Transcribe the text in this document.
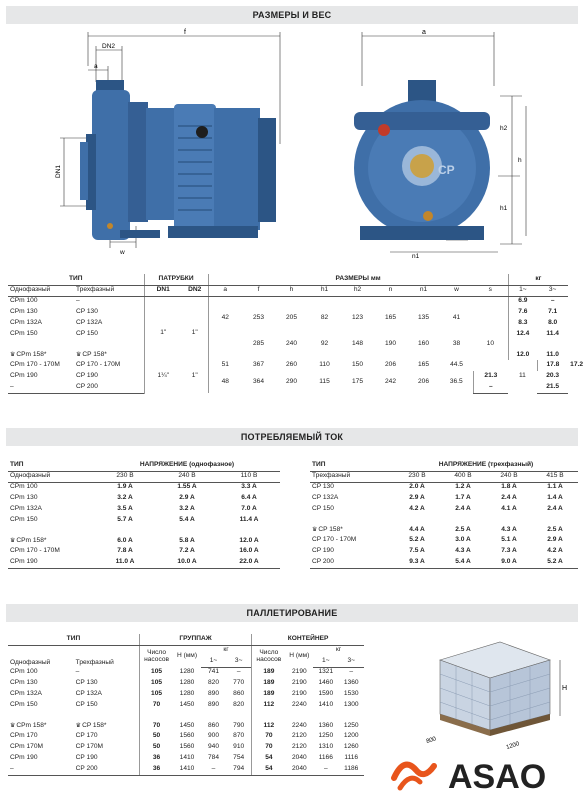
РАЗМЕРЫ И ВЕС
f
DN2
a
DN1
w
a
h2
h
h1
n1
CP
ТИП		ПАТРУБКИ		РАЗМЕРЫ мм									кг		
Однофазный	Трехфазный	DN1	DN2	a	f	h	h1	h2	n	n1	w	s	1~	3~	
CPm 100	–			42									6.9	–	
CPm 130	CP 130	1"	1"		253	205	82	123	165	135	41		7.6	7.1	
CPm 132A	CP 132A											10	8.3	8.0	
CPm 150	CP 150				285	240	92	148	190	160	38		12.4	11.4	
♛CPm 158*	♛CP 158*												12.0	11.0	
CPm 170 - 170M	CP 170 - 170M	1¼"	1"	51	367	260	110	150	206	165	44.5		11	17.8	17.2
CPm 190	CP 190			48	364	290	115	175	242	206	36.5	21.3		20.3	
–	CP 200											–		21.5	
ПОТРЕБЛЯЕМЫЙ ТОК
ТИП	НАПРЯЖЕНИЕ (однофазное)		
Однофазный	230 В	240 В	110 В
CPm 100	1.9 A	1.55 A	3.3 A
CPm 130	3.2 A	2.9 A	6.4 A
CPm 132A	3.5 A	3.2 A	7.0 A
CPm 150	5.7 A	5.4 A	11.4 A
♛CPm 158*	6.0 A	5.8 A	12.0 A
CPm 170 - 170M	7.8 A	7.2 A	16.0 A
CPm 190	11.0 A	10.0 A	22.0 A
ТИП	НАПРЯЖЕНИЕ (трехфазный)			
Трехфазный	230 В	400 В	240 В	415 В
CP 130	2.0 A	1.2 A	1.8 A	1.1 A
CP 132A	2.9 A	1.7 A	2.4 A	1.4 A
CP 150	4.2 A	2.4 A	4.1 A	2.4 A
♛CP 158*	4.4 A	2.5 A	4.3 A	2.5 A
CP 170 - 170M	5.2 A	3.0 A	5.1 A	2.9 A
CP 190	7.5 A	4.3 A	7.3 A	4.2 A
CP 200	9.3 A	5.4 A	9.0 A	5.2 A
ПАЛЛЕТИРОВАНИЕ
ТИП		ГРУППАЖ				КОНТЕЙНЕР			
Однофазный	Трехфазный	Число насосов	H (мм)	кг		Число насосов	H (мм)	кг	
				1~	3~			1~	3~
CPm 100	–	105	1280	741	–	189	2190	1321	–
CPm 130	CP 130	105	1280	820	770	189	2190	1460	1360
CPm 132A	CP 132A	105	1280	890	860	189	2190	1590	1530
CPm 150	CP 150	70	1450	890	820	112	2240	1410	1300
♛CPm 158*	♛CP 158*	70	1450	860	790	112	2240	1360	1250
CPm 170	CP 170	50	1560	900	870	70	2120	1250	1200
CPm 170M	CP 170M	50	1560	940	910	70	2120	1310	1260
CPm 190	CP 190	36	1410	784	754	54	2040	1166	1116
–	CP 200	36	1410	–	794	54	2040	–	1186
H
800
1200
ASAO
